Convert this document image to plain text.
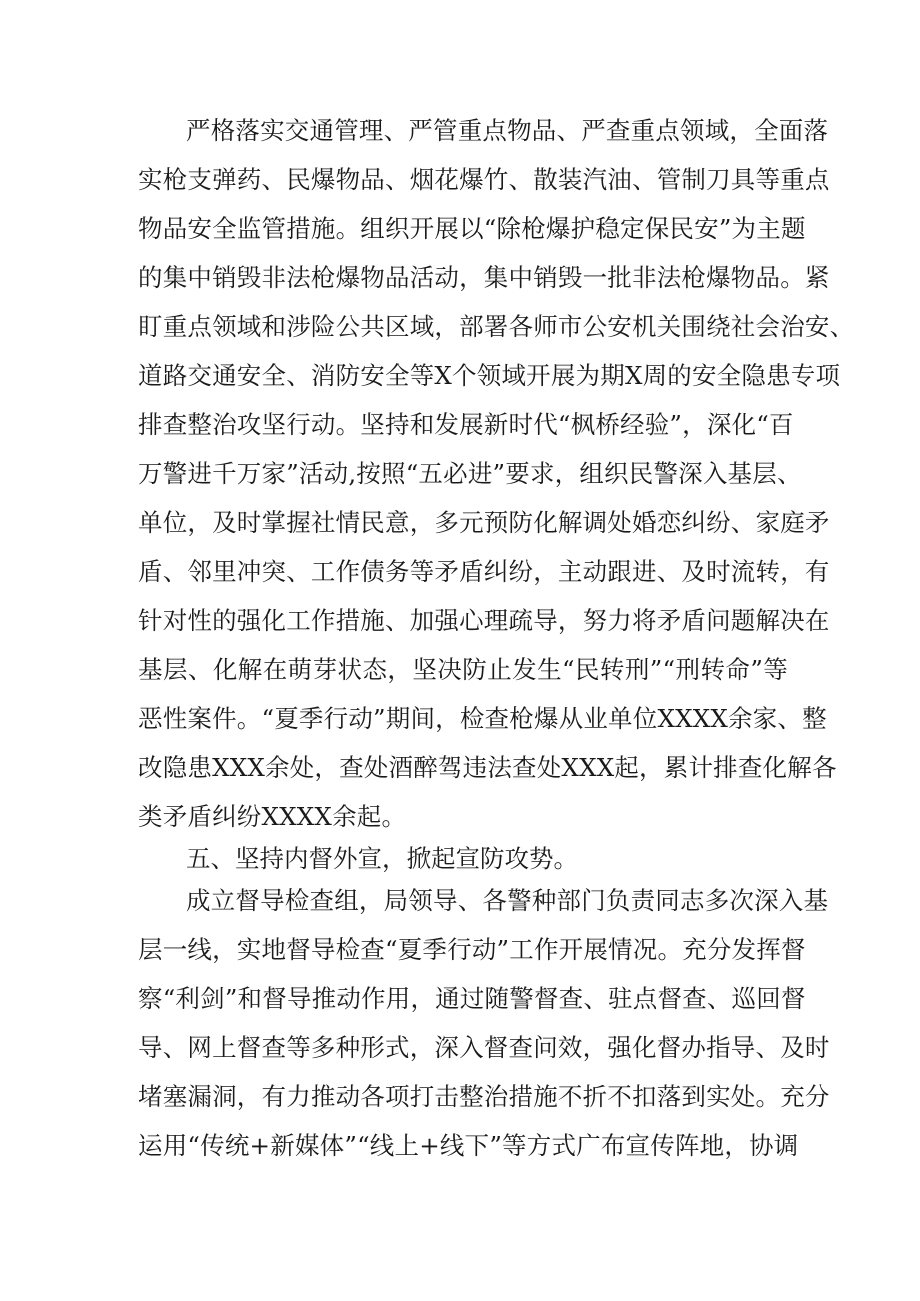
严格落实交通管理、严管重点物品、严查重点领域，全面落
实枪支弹药、民爆物品、烟花爆竹、散装汽油、管制刀具等重点
物品安全监管措施。组织开展以“除枪爆护稳定保民安”为主题
的集中销毁非法枪爆物品活动，集中销毁一批非法枪爆物品。紧
盯重点领域和涉险公共区域，部署各师市公安机关围绕社会治安、
道路交通安全、消防安全等X个领域开展为期X周的安全隐患专项
排查整治攻坚行动。坚持和发展新时代“枫桥经验”，深化“百
万警进千万家”活动,按照“五必进”要求，组织民警深入基层、
单位，及时掌握社情民意，多元预防化解调处婚恋纠纷、家庭矛
盾、邻里冲突、工作债务等矛盾纠纷，主动跟进、及时流转，有
针对性的强化工作措施、加强心理疏导，努力将矛盾问题解决在
基层、化解在萌芽状态，坚决防止发生“民转刑”“刑转命”等
恶性案件。“夏季行动”期间，检查枪爆从业单位XXXX余家、整
改隐患XXX余处，查处酒醉驾违法查处XXX起，累计排查化解各
类矛盾纠纷XXXX余起。
五、坚持内督外宣，掀起宣防攻势。
成立督导检查组，局领导、各警种部门负责同志多次深入基
层一线，实地督导检查“夏季行动”工作开展情况。充分发挥督
察“利剑”和督导推动作用，通过随警督查、驻点督查、巡回督
导、网上督查等多种形式，深入督查问效，强化督办指导、及时
堵塞漏洞，有力推动各项打击整治措施不折不扣落到实处。充分
运用“传统+新媒体”“线上+线下”等方式广布宣传阵地，协调
